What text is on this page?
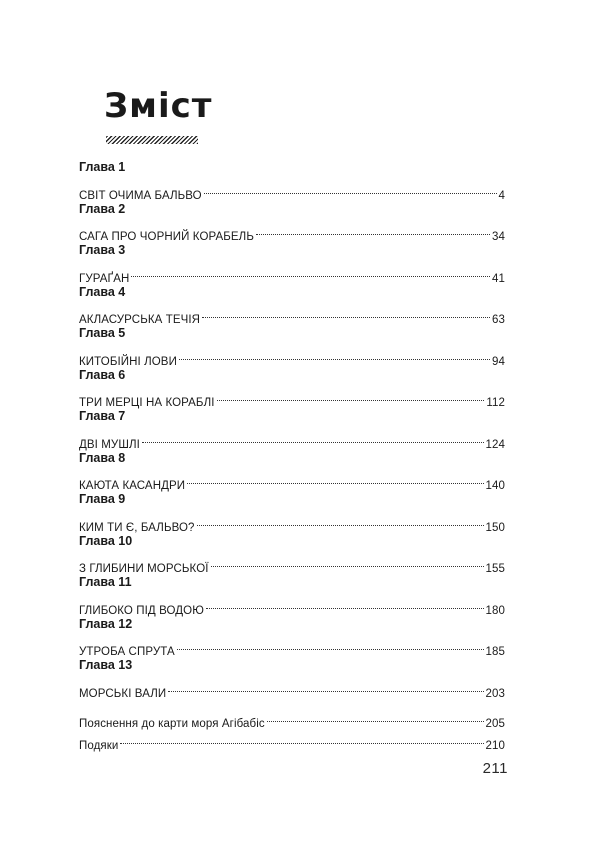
Зміст
Глава 1
СВІТ ОЧИМА БАЛЬВО	4
Глава 2
САГА ПРО ЧОРНИЙ КОРАБЕЛЬ	34
Глава 3
ГУРАҐАН	41
Глава 4
АКЛАСУРСЬКА ТЕЧІЯ	63
Глава 5
КИТОБІЙНІ ЛОВИ	94
Глава 6
ТРИ МЕРЦІ НА КОРАБЛІ	112
Глава 7
ДВІ МУШЛІ	124
Глава 8
КАЮТА КАСАНДРИ	140
Глава 9
КИМ ТИ Є, БАЛЬВО?	150
Глава 10
З ГЛИБИНИ МОРСЬКОЇ	155
Глава 11
ГЛИБОКО ПІД ВОДОЮ	180
Глава 12
УТРОБА СПРУТА	185
Глава 13
МОРСЬКІ ВАЛИ	203
Пояснення до карти моря Агібабіс	205
Подяки	210
211
